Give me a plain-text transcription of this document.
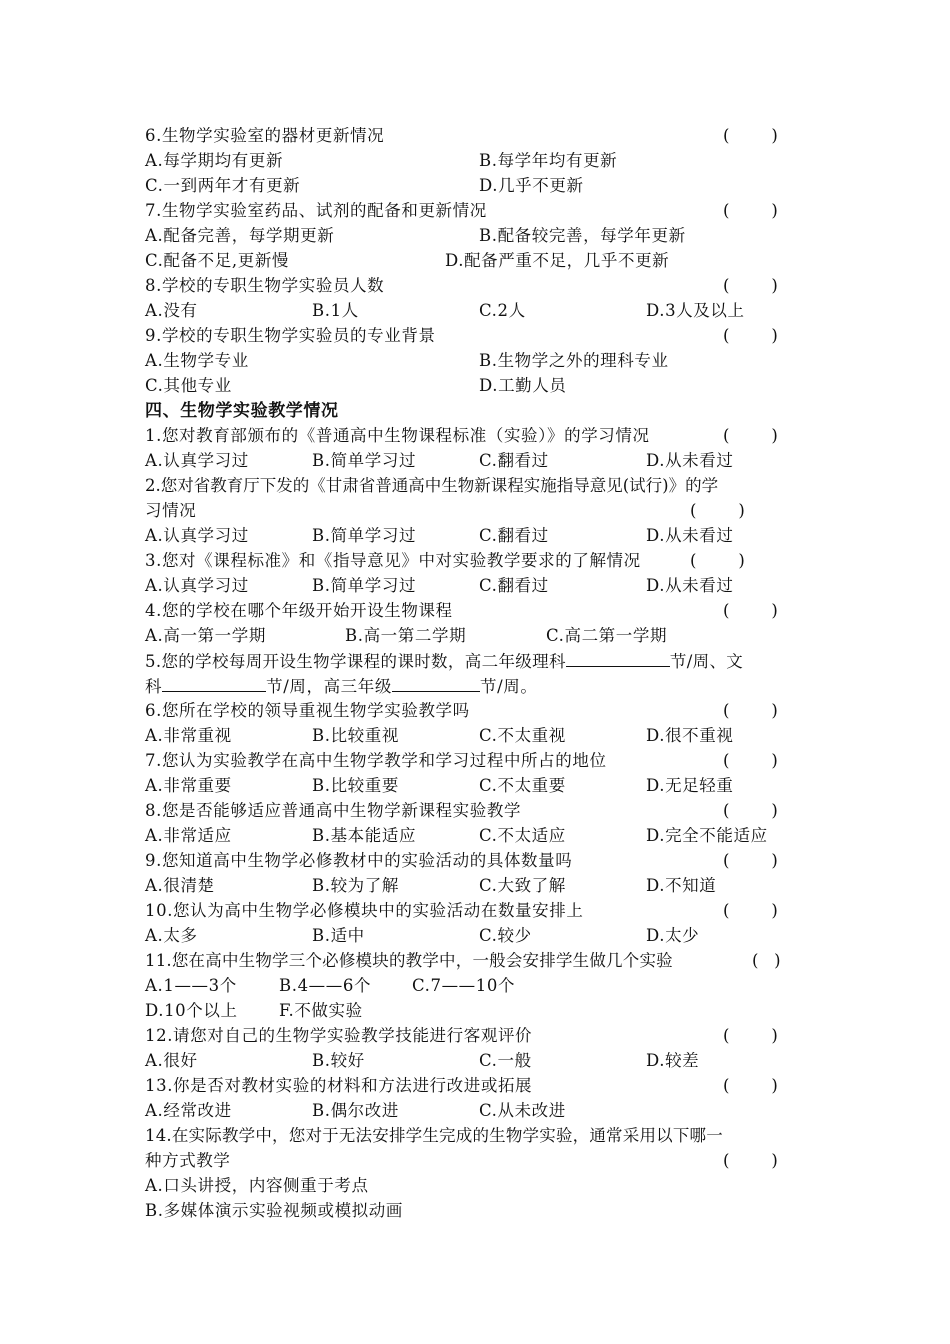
6.生物学实验室的器材更新情况	(        )
A.每学期均有更新	B.每学年均有更新
C.一到两年才有更新	D.几乎不更新
7.生物学实验室药品、试剂的配备和更新情况	(        )
A.配备完善，每学期更新	B.配备较完善，每学年更新
C.配备不足,更新慢	D.配备严重不足，几乎不更新
8.学校的专职生物学实验员人数	(        )
A.没有	B.1人	C.2人	D.3人及以上
9.学校的专职生物学实验员的专业背景	(        )
A.生物学专业	B.生物学之外的理科专业
C.其他专业	D.工勤人员
四、生物学实验教学情况
1.您对教育部颁布的《普通高中生物课程标准（实验）》的学习情况	(        )
A.认真学习过	B.简单学习过	C.翻看过	D.从未看过
2.您对省教育厅下发的《甘肃省普通高中生物新课程实施指导意见(试行)》的学
习情况	(        )
A.认真学习过	B.简单学习过	C.翻看过	D.从未看过
3.您对《课程标准》和《指导意见》中对实验教学要求的了解情况	(        )
A.认真学习过	B.简单学习过	C.翻看过	D.从未看过
4.您的学校在哪个年级开始开设生物课程	(        )
A.高一第一学期	B.高一第二学期	C.高二第一学期
5.您的学校每周开设生物学课程的课时数，高二年级理科	节/周、文
科	节/周，高三年级	节/周。
6.您所在学校的领导重视生物学实验教学吗	(        )
A.非常重视	B.比较重视	C.不太重视	D.很不重视
7.您认为实验教学在高中生物学教学和学习过程中所占的地位	(        )
A.非常重要	B.比较重要	C.不太重要	D.无足轻重
8.您是否能够适应普通高中生物学新课程实验教学	(        )
A.非常适应	B.基本能适应	C.不太适应	D.完全不能适应
9.您知道高中生物学必修教材中的实验活动的具体数量吗	(        )
A.很清楚	B.较为了解	C.大致了解	D.不知道
10.您认为高中生物学必修模块中的实验活动在数量安排上	(        )
A.太多	B.适中	C.较少	D.太少
11.您在高中生物学三个必修模块的教学中，一般会安排学生做几个实验	(   )
A.1——3个	B.4——6个 C.7——10个
D.10个以上	F.不做实验
12.请您对自己的生物学实验教学技能进行客观评价	(        )
A.很好	B.较好	C.一般	D.较差
13.你是否对教材实验的材料和方法进行改进或拓展	(        )
A.经常改进	B.偶尔改进	C.从未改进
14.在实际教学中，您对于无法安排学生完成的生物学实验，通常采用以下哪一
种方式教学	(        )
A.口头讲授，内容侧重于考点
B.多媒体演示实验视频或模拟动画
